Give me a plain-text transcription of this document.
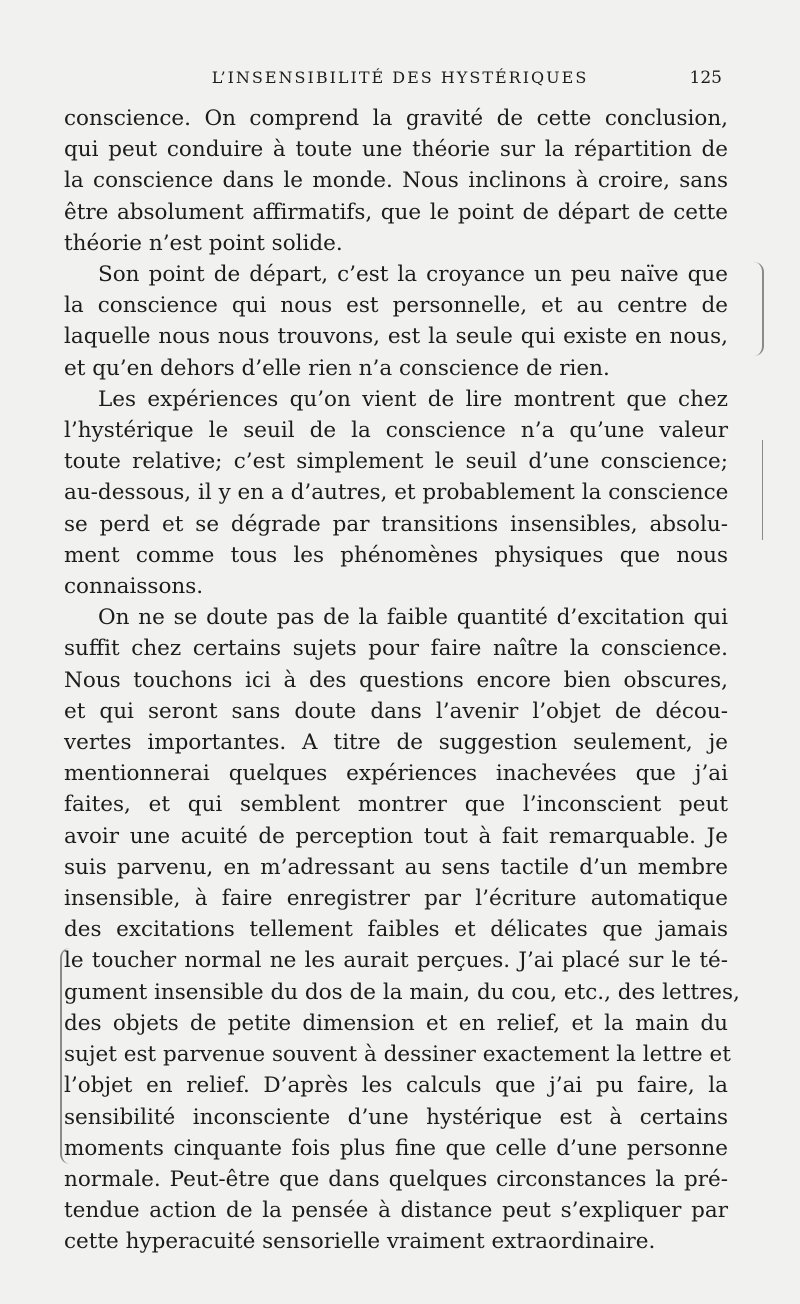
L’INSENSIBILITÉ DES HYSTÉRIQUES	125
conscience. On comprend la gravité de cette conclusion,
qui peut conduire à toute une théorie sur la répartition de
la conscience dans le monde. Nous inclinons à croire, sans
être absolument affirmatifs, que le point de départ de cette
théorie n’est point solide.
Son point de départ, c’est la croyance un peu naïve que
la conscience qui nous est personnelle, et au centre de
laquelle nous nous trouvons, est la seule qui existe en nous,
et qu’en dehors d’elle rien n’a conscience de rien.
Les expériences qu’on vient de lire montrent que chez
l’hystérique le seuil de la conscience n’a qu’une valeur
toute relative; c’est simplement le seuil d’une conscience;
au-dessous, il y en a d’autres, et probablement la conscience
se perd et se dégrade par transitions insensibles, absolu-
ment comme tous les phénomènes physiques que nous
connaissons.
On ne se doute pas de la faible quantité d’excitation qui
suffit chez certains sujets pour faire naître la conscience.
Nous touchons ici à des questions encore bien obscures,
et qui seront sans doute dans l’avenir l’objet de décou-
vertes importantes. A titre de suggestion seulement, je
mentionnerai quelques expériences inachevées que j’ai
faites, et qui semblent montrer que l’inconscient peut
avoir une acuité de perception tout à fait remarquable. Je
suis parvenu, en m’adressant au sens tactile d’un membre
insensible, à faire enregistrer par l’écriture automatique
des excitations tellement faibles et délicates que jamais
le toucher normal ne les aurait perçues. J’ai placé sur le té-
gument insensible du dos de la main, du cou, etc., des lettres,
des objets de petite dimension et en relief, et la main du
sujet est parvenue souvent à dessiner exactement la lettre et
l’objet en relief. D’après les calculs que j’ai pu faire, la
sensibilité inconsciente d’une hystérique est à certains
moments cinquante fois plus fine que celle d’une personne
normale. Peut-être que dans quelques circonstances la pré-
tendue action de la pensée à distance peut s’expliquer par
cette hyperacuité sensorielle vraiment extraordinaire.
